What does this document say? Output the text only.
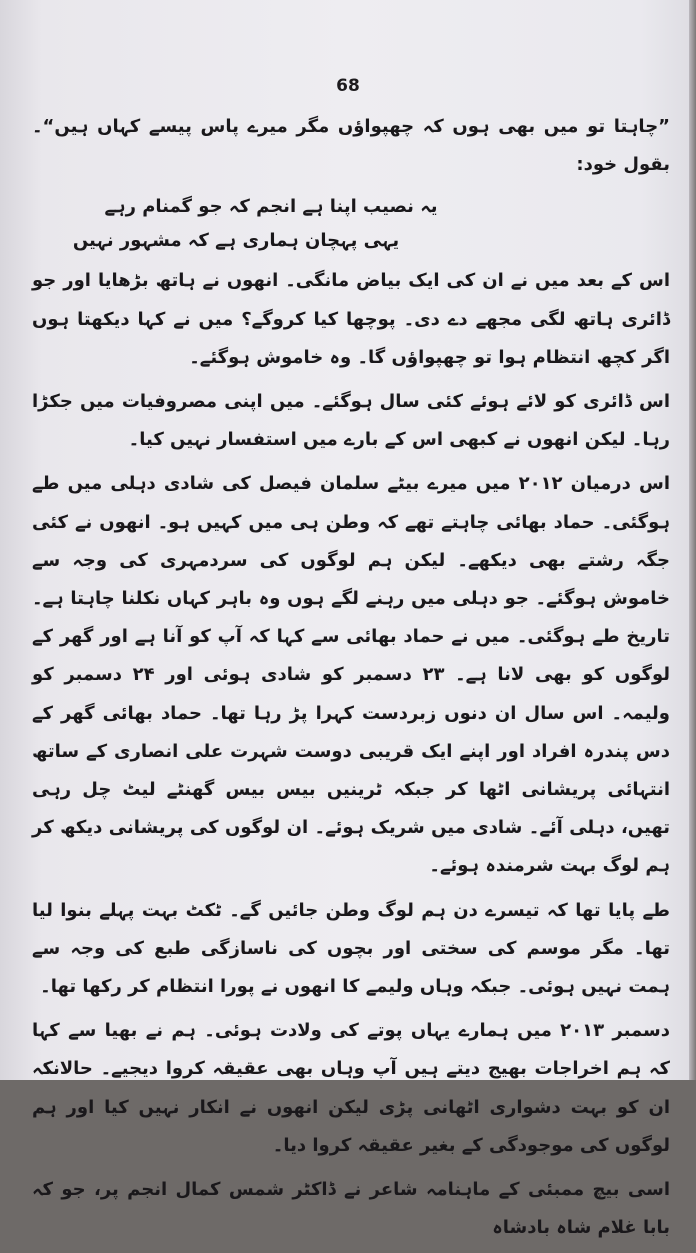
68

”چاہتا تو میں بھی ہوں کہ چھپواؤں مگر میرے پاس پیسے کہاں ہیں“۔ بقول خود:

یہ نصیب اپنا ہے انجم کہ جو گمنام رہے
یہی پہچان ہماری ہے کہ مشہور نہیں

اس کے بعد میں نے ان کی ایک بیاض مانگی۔ انھوں نے ہاتھ بڑھایا اور جو ڈائری ہاتھ لگی مجھے دے دی۔ پوچھا کیا کروگے؟ میں نے کہا دیکھتا ہوں اگر کچھ انتظام ہوا تو چھپواؤں گا۔ وہ خاموش ہوگئے۔

اس ڈائری کو لائے ہوئے کئی سال ہوگئے۔ میں اپنی مصروفیات میں جکڑا رہا۔ لیکن انھوں نے کبھی اس کے بارے میں استفسار نہیں کیا۔

اس درمیان ۲۰۱۲ میں میرے بیٹے سلمان فیصل کی شادی دہلی میں طے ہوگئی۔ حماد بھائی چاہتے تھے کہ وطن ہی میں کہیں ہو۔ انھوں نے کئی جگہ رشتے بھی دیکھے۔ لیکن ہم لوگوں کی سردمہری کی وجہ سے خاموش ہوگئے۔ جو دہلی میں رہنے لگے ہوں وہ باہر کہاں نکلنا چاہتا ہے۔ تاریخ طے ہوگئی۔ میں نے حماد بھائی سے کہا کہ آپ کو آنا ہے اور گھر کے لوگوں کو بھی لانا ہے۔ ۲۳ دسمبر کو شادی ہوئی اور ۲۴ دسمبر کو ولیمہ۔ اس سال ان دنوں زبردست کہرا پڑ رہا تھا۔ حماد بھائی گھر کے دس پندرہ افراد اور اپنے ایک قریبی دوست شہرت علی انصاری کے ساتھ انتہائی پریشانی اٹھا کر جبکہ ٹرینیں بیس بیس گھنٹے لیٹ چل رہی تھیں، دہلی آئے۔ شادی میں شریک ہوئے۔ ان لوگوں کی پریشانی دیکھ کر ہم لوگ بہت شرمندہ ہوئے۔

طے پایا تھا کہ تیسرے دن ہم لوگ وطن جائیں گے۔ ٹکٹ بہت پہلے بنوا لیا تھا۔ مگر موسم کی سختی اور بچوں کی ناسازگی طبع کی وجہ سے ہمت نہیں ہوئی۔ جبکہ وہاں ولیمے کا انھوں نے پورا انتظام کر رکھا تھا۔

دسمبر ۲۰۱۳ میں ہمارے یہاں پوتے کی ولادت ہوئی۔ ہم نے بھیا سے کہا کہ ہم اخراجات بھیج دیتے ہیں آپ وہاں بھی عقیقہ کروا دیجیے۔ حالانکہ ان کو بہت دشواری اٹھانی پڑی لیکن انھوں نے انکار نہیں کیا اور ہم لوگوں کی موجودگی کے بغیر عقیقہ کروا دیا۔

اسی بیچ ممبئی کے ماہنامہ شاعر نے ڈاکٹر شمس کمال انجم پر، جو کہ بابا غلام شاہ بادشاہ
